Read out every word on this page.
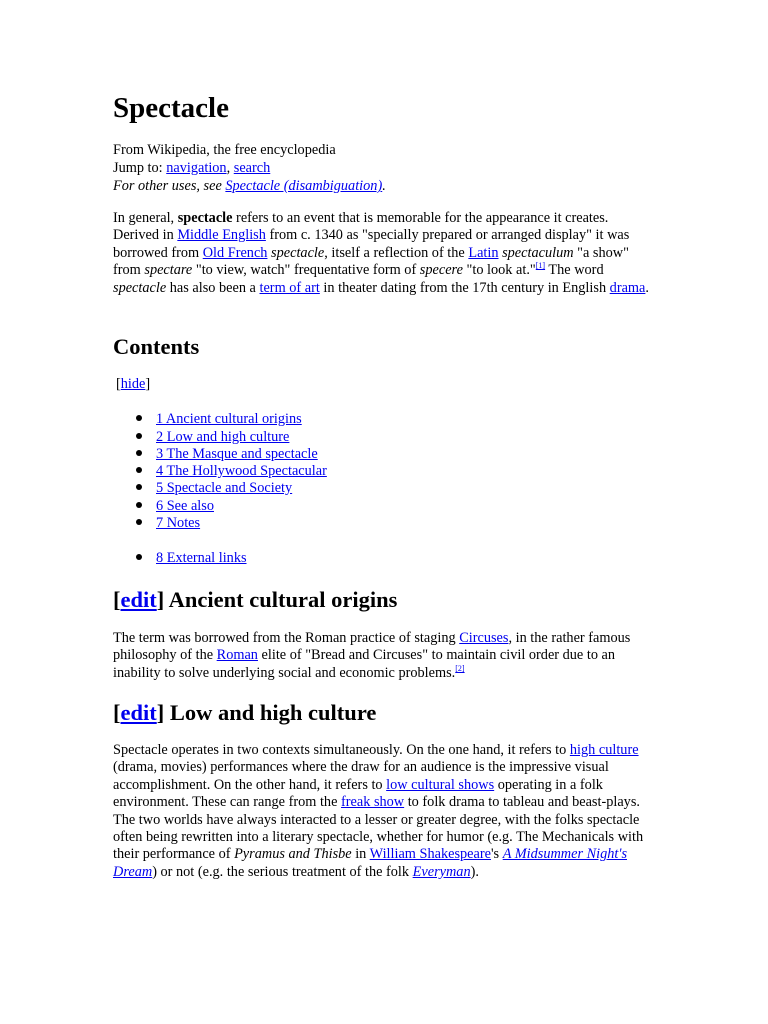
Spectacle
From Wikipedia, the free encyclopedia
Jump to: navigation, search
For other uses, see Spectacle (disambiguation).
In general, spectacle refers to an event that is memorable for the appearance it creates. Derived in Middle English from c. 1340 as "specially prepared or arranged display" it was borrowed from Old French spectacle, itself a reflection of the Latin spectaculum "a show" from spectare "to view, watch" frequentative form of specere "to look at."[1] The word spectacle has also been a term of art in theater dating from the 17th century in English drama.
Contents
[hide]
1 Ancient cultural origins
2 Low and high culture
3 The Masque and spectacle
4 The Hollywood Spectacular
5 Spectacle and Society
6 See also
7 Notes
8 External links
[edit] Ancient cultural origins
The term was borrowed from the Roman practice of staging Circuses, in the rather famous philosophy of the Roman elite of "Bread and Circuses" to maintain civil order due to an inability to solve underlying social and economic problems.[2]
[edit] Low and high culture
Spectacle operates in two contexts simultaneously. On the one hand, it refers to high culture (drama, movies) performances where the draw for an audience is the impressive visual accomplishment. On the other hand, it refers to low cultural shows operating in a folk environment. These can range from the freak show to folk drama to tableau and beast-plays. The two worlds have always interacted to a lesser or greater degree, with the folks spectacle often being rewritten into a literary spectacle, whether for humor (e.g. The Mechanicals with their performance of Pyramus and Thisbe in William Shakespeare's A Midsummer Night's Dream) or not (e.g. the serious treatment of the folk Everyman).
